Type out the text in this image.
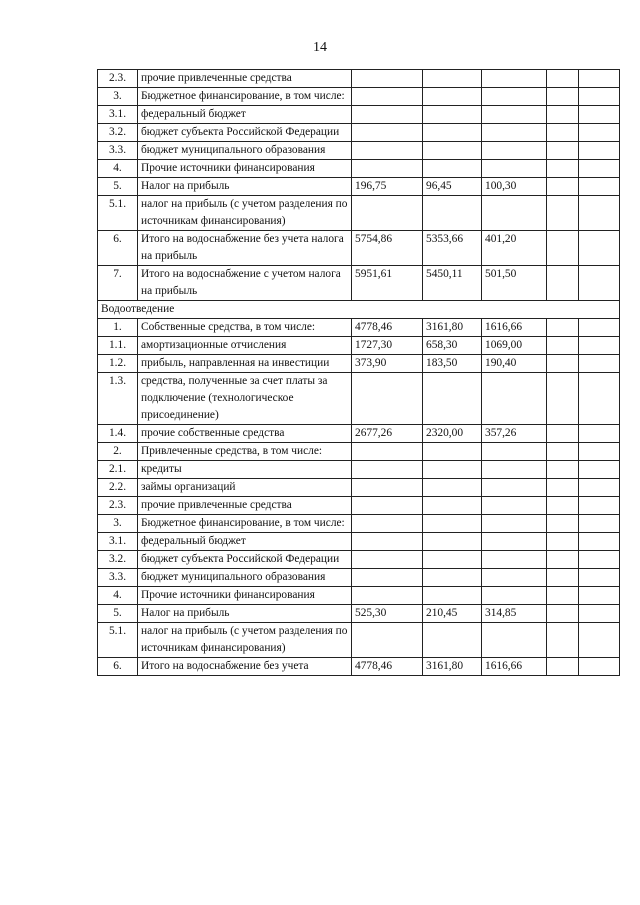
14
2.3.	прочие привлеченные средства					
3.	Бюджетное финансирование, в том числе:					
3.1.	федеральный бюджет					
3.2.	бюджет субъекта Российской Федерации					
3.3.	бюджет муниципального образования					
4.	Прочие источники финансирования					
5.	Налог на прибыль	196,75	96,45	100,30		
5.1.	налог на прибыль (с учетом разделения по источникам финансирования)					
6.	Итого на водоснабжение без учета налога на прибыль	5754,86	5353,66	401,20		
7.	Итого на водоснабжение с учетом налога на прибыль	5951,61	5450,11	501,50		
Водоотведение						
1.	Собственные средства, в том числе:	4778,46	3161,80	1616,66		
1.1.	амортизационные отчисления	1727,30	658,30	1069,00		
1.2.	прибыль, направленная на инвестиции	373,90	183,50	190,40		
1.3.	средства, полученные за счет платы за подключение (технологическое присоединение)					
1.4.	прочие собственные средства	2677,26	2320,00	357,26		
2.	Привлеченные средства, в том числе:					
2.1.	кредиты					
2.2.	займы организаций					
2.3.	прочие привлеченные средства					
3.	Бюджетное финансирование, в том числе:					
3.1.	федеральный бюджет					
3.2.	бюджет субъекта Российской Федерации					
3.3.	бюджет муниципального образования					
4.	Прочие источники финансирования					
5.	Налог на прибыль	525,30	210,45	314,85		
5.1.	налог на прибыль (с учетом разделения по источникам финансирования)					
6.	Итого на водоснабжение без учета	4778,46	3161,80	1616,66		
